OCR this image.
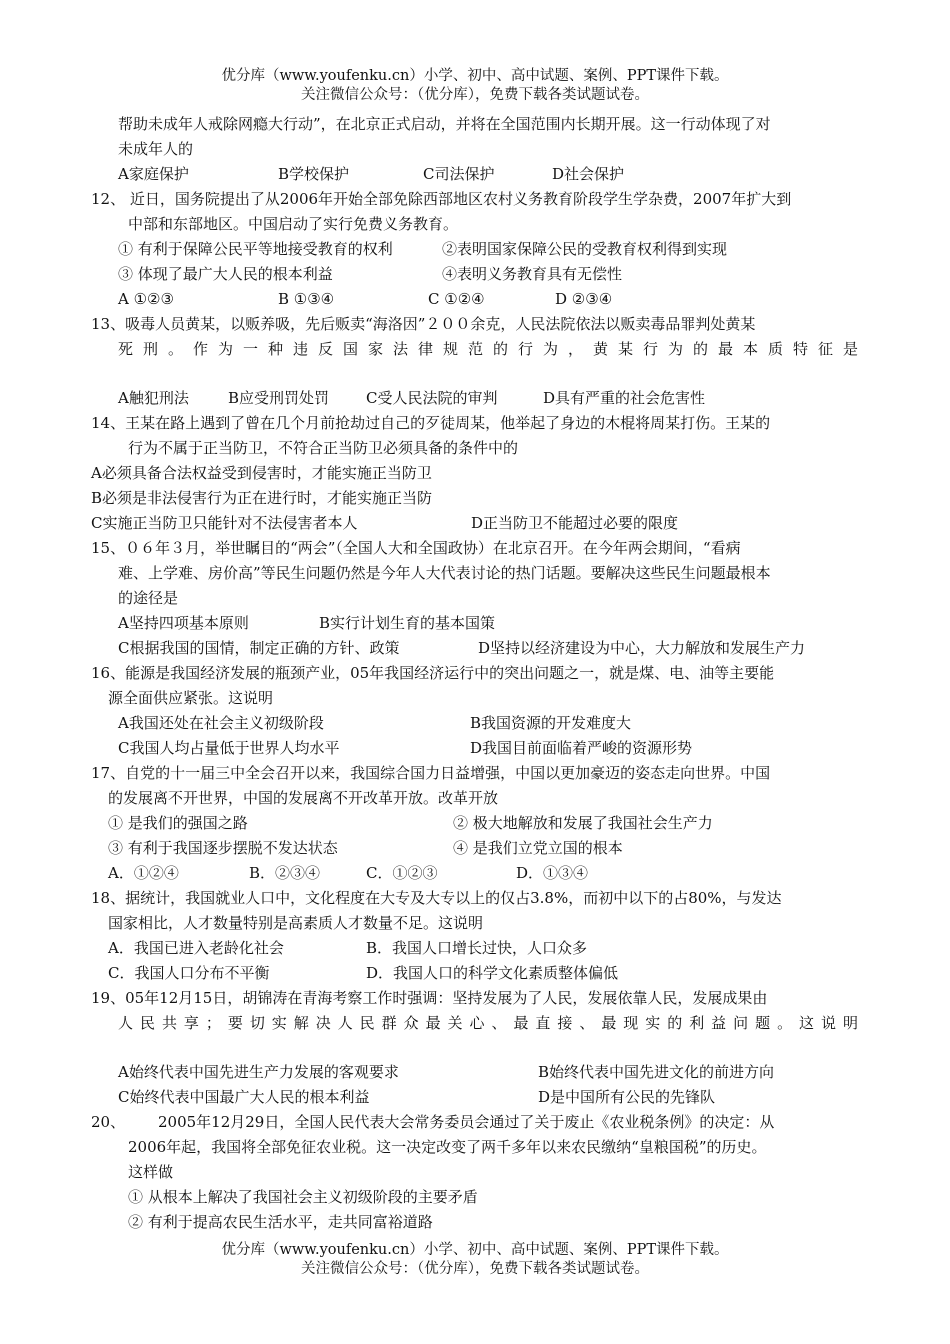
优分库（www.youfenku.cn）小学、初中、高中试题、案例、PPT课件下载。
关注微信公众号：（优分库），免费下载各类试题试卷。
帮助未成年人戒除网瘾大行动”，在北京正式启动，并将在全国范围内长期开展。这一行动体现了对
未成年人的
A家庭保护	B学校保护	C司法保护	D社会保护
12、 近日，国务院提出了从2006年开始全部免除西部地区农村义务教育阶段学生学杂费，2007年扩大到
中部和东部地区。中国启动了实行免费义务教育。
① 有利于保障公民平等地接受教育的权利	②表明国家保障公民的受教育权利得到实现
③ 体现了最广大人民的根本利益	④表明义务教育具有无偿性
A ①②③	B ①③④	C ①②④	D ②③④
13、吸毒人员黄某，以贩养吸，先后贩卖“海洛因”２００余克，人民法院依法以贩卖毒品罪判处黄某
死刑。作为一种违反国家法律规范的行为，黄某行为的最本质特征是
A触犯刑法	B应受刑罚处罚 C受人民法院的审判	D具有严重的社会危害性
14、王某在路上遇到了曾在几个月前抢劫过自己的歹徒周某，他举起了身边的木棍将周某打伤。王某的
行为不属于正当防卫，不符合正当防卫必须具备的条件中的
A必须具备合法权益受到侵害时，才能实施正当防卫
B必须是非法侵害行为正在进行时，才能实施正当防
C实施正当防卫只能针对不法侵害者本人	D正当防卫不能超过必要的限度
15、０６年３月，举世瞩目的“两会”（全国人大和全国政协）在北京召开。在今年两会期间，“看病
难、上学难、房价高”等民生问题仍然是今年人大代表讨论的热门话题。要解决这些民生问题最根本
的途径是
A坚持四项基本原则	B实行计划生育的基本国策
C根据我国的国情，制定正确的方针、政策	D坚持以经济建设为中心，大力解放和发展生产力
16、能源是我国经济发展的瓶颈产业，05年我国经济运行中的突出问题之一，就是煤、电、油等主要能
源全面供应紧张。这说明
A我国还处在社会主义初级阶段	B我国资源的开发难度大
C我国人均占量低于世界人均水平	D我国目前面临着严峻的资源形势
17、自党的十一届三中全会召开以来，我国综合国力日益增强，中国以更加豪迈的姿态走向世界。中国
的发展离不开世界，中国的发展离不开改革开放。改革开放
① 是我们的强国之路	② 极大地解放和发展了我国社会生产力
③ 有利于我国逐步摆脱不发达状态	④ 是我们立党立国的根本
A．①②④	B．②③④	C．①②③	D．①③④
18、据统计，我国就业人口中，文化程度在大专及大专以上的仅占3.8%，而初中以下的占80%，与发达
国家相比，人才数量特别是高素质人才数量不足。这说明
A．我国已进入老龄化社会	B．我国人口增长过快，人口众多
C．我国人口分布不平衡	D．我国人口的科学文化素质整体偏低
19、05年12月15日，胡锦涛在青海考察工作时强调：坚持发展为了人民，发展依靠人民，发展成果由
人民共享；要切实解决人民群众最关心、最直接、最现实的利益问题。这说明
A始终代表中国先进生产力发展的客观要求	B始终代表中国先进文化的前进方向
C始终代表中国最广大人民的根本利益	D是中国所有公民的先锋队
20、 2005年12月29日，全国人民代表大会常务委员会通过了关于废止《农业税条例》的决定：从
2006年起，我国将全部免征农业税。这一决定改变了两千多年以来农民缴纳“皇粮国税”的历史。
这样做
① 从根本上解决了我国社会主义初级阶段的主要矛盾
② 有利于提高农民生活水平，走共同富裕道路
优分库（www.youfenku.cn）小学、初中、高中试题、案例、PPT课件下载。
关注微信公众号：（优分库），免费下载各类试题试卷。
